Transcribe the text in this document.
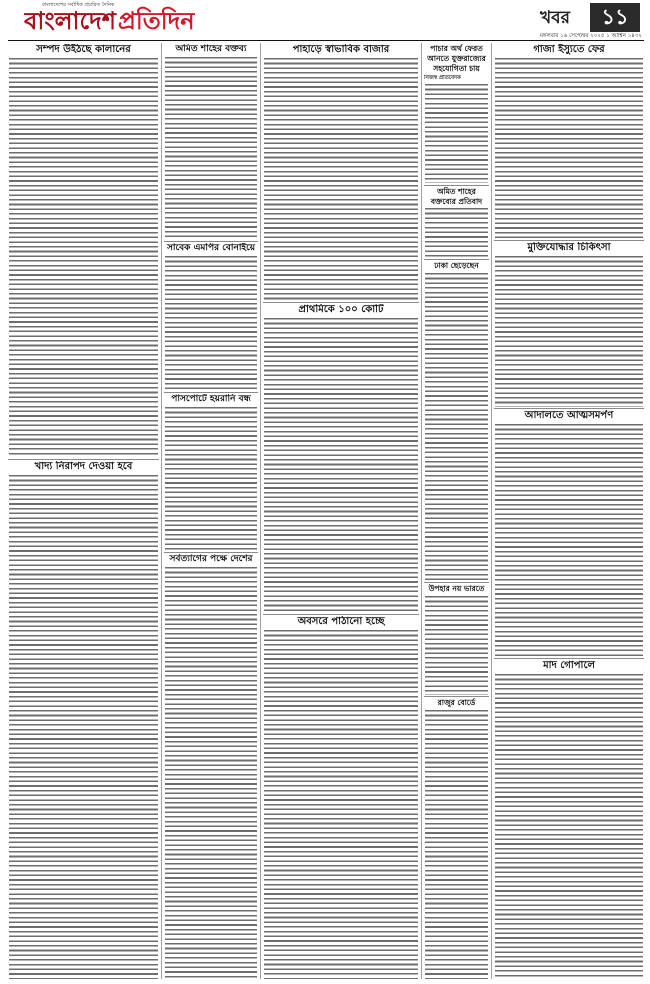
বাংলাদেশের সর্বাধিক প্রচারিত দৈনিক
বাংলাদেশপ্রতিদিন	খবর	১১
মঙ্গলবার ১৬ সেপ্টেম্বর ২০২৫ ১ আশ্বিন ১৪৩২
সম্পদ উইঠছে কালানের
খাদ্য নিরাপদ দেওয়া হবে
অমিত শাহের বক্তব্য
সাবেক এমপির বোনাইয়ে
পাসপোর্টে হয়রানি বন্ধ
সর্বত্যাগের পক্ষে দেশের
পাহাড়ে স্বাভাবিক বাজার
প্রাথমিকে ১০০ কোটি
অবসরে পাঠানো হচ্ছে
পাচার অর্থ ফেরত আনতে যুক্তরাজ্যের সহযোগিতা চায়
নিজস্ব প্রতিবেদক
অমিত শাহের বক্তব্যের প্রতিবাদ
ঢাকা ছেড়েছেন
উপহার নয় ভারতে
রাজুর বোর্ডে
গাজা ইস্যুতে ফের
মুক্তিযোদ্ধার চিকিৎসা
আদালতে আত্মসমর্পণ
মাদ গোপালে
